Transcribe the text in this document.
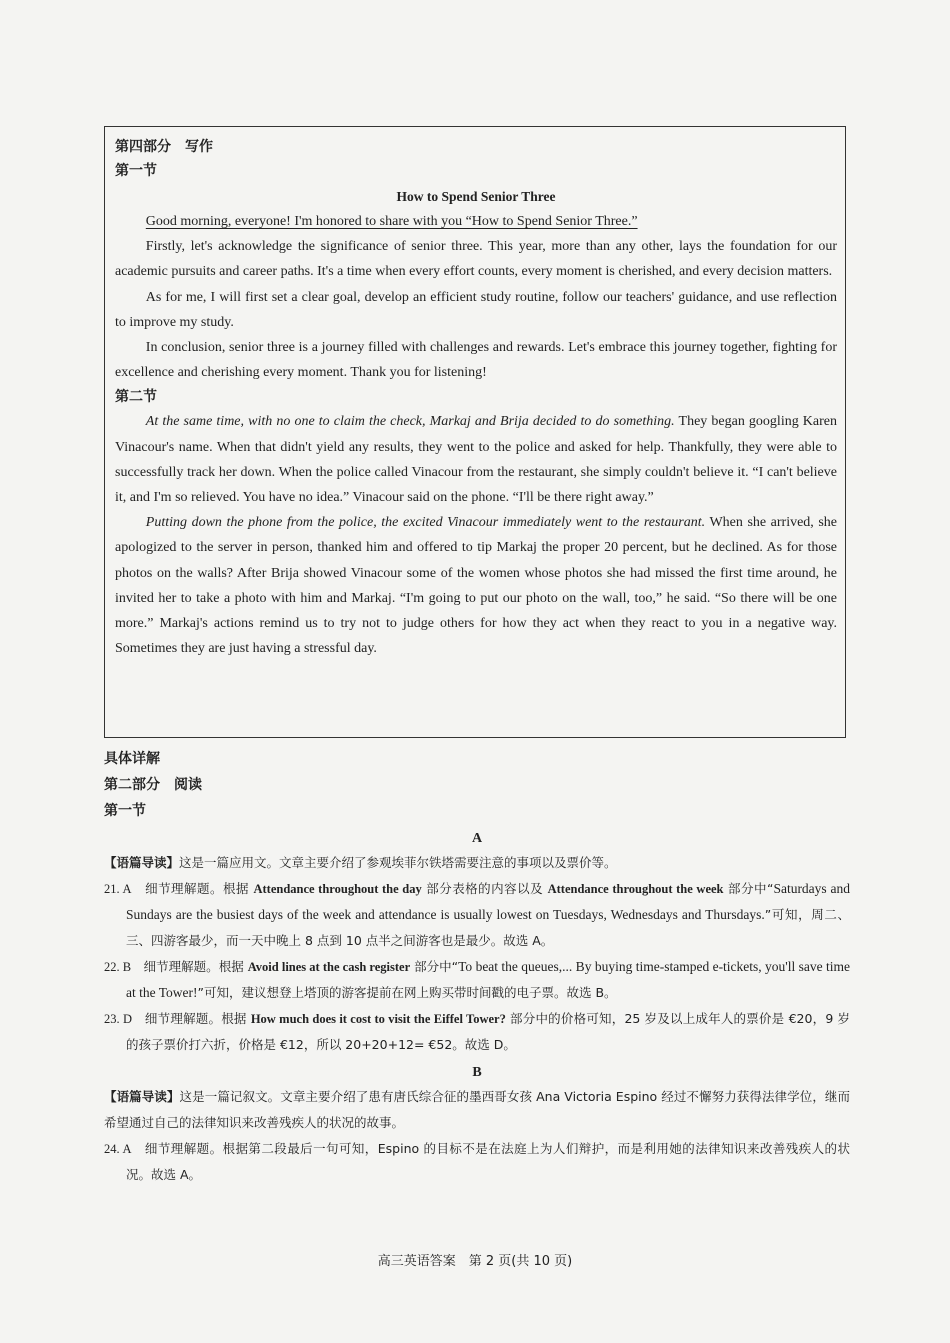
第四部分　写作

第一节

How to Spend Senior Three

Good morning, everyone! I'm honored to share with you “How to Spend Senior Three.”

Firstly, let's acknowledge the significance of senior three. This year, more than any other, lays the foundation for our academic pursuits and career paths. It's a time when every effort counts, every moment is cherished, and every decision matters.

As for me, I will first set a clear goal, develop an efficient study routine, follow our teachers' guidance, and use reflection to improve my study.

In conclusion, senior three is a journey filled with challenges and rewards. Let's embrace this journey together, fighting for excellence and cherishing every moment. Thank you for listening!

第二节

At the same time, with no one to claim the check, Markaj and Brija decided to do something. They began googling Karen Vinacour's name. When that didn't yield any results, they went to the police and asked for help. Thankfully, they were able to successfully track her down. When the police called Vinacour from the restaurant, she simply couldn't believe it. “I can't believe it, and I'm so relieved. You have no idea.” Vinacour said on the phone. “I'll be there right away.”

Putting down the phone from the police, the excited Vinacour immediately went to the restaurant. When she arrived, she apologized to the server in person, thanked him and offered to tip Markaj the proper 20 percent, but he declined. As for those photos on the walls? After Brija showed Vinacour some of the women whose photos she had missed the first time around, he invited her to take a photo with him and Markaj. “I'm going to put our photo on the wall, too,” he said. “So there will be one more.” Markaj's actions remind us to try not to judge others for how they act when they react to you in a negative way. Sometimes they are just having a stressful day.

具体详解

第二部分　阅读

第一节

A

【语篇导读】这是一篇应用文。文章主要介绍了参观埃菲尔铁塔需要注意的事项以及票价等。

21. A　细节理解题。根据 Attendance throughout the day 部分表格的内容以及 Attendance throughout the week 部分中“Saturdays and Sundays are the busiest days of the week and attendance is usually lowest on Tuesdays, Wednesdays and Thursdays.”可知，周二、三、四游客最少，而一天中晚上 8 点到 10 点半之间游客也是最少。故选 A。

22. B　细节理解题。根据 Avoid lines at the cash register 部分中“To beat the queues,... By buying time-stamped e-tickets, you'll save time at the Tower!”可知，建议想登上塔顶的游客提前在网上购买带时间戳的电子票。故选 B。

23. D　细节理解题。根据 How much does it cost to visit the Eiffel Tower? 部分中的价格可知，25 岁及以上成年人的票价是 €20，9 岁的孩子票价打六折，价格是 €12，所以 20+20+12= €52。故选 D。

B

【语篇导读】这是一篇记叙文。文章主要介绍了患有唐氏综合征的墨西哥女孩 Ana Victoria Espino 经过不懈努力获得法律学位，继而希望通过自己的法律知识来改善残疾人的状况的故事。

24. A　细节理解题。根据第二段最后一句可知，Espino 的目标不是在法庭上为人们辩护，而是利用她的法律知识来改善残疾人的状况。故选 A。

高三英语答案　第 2 页(共 10 页)
